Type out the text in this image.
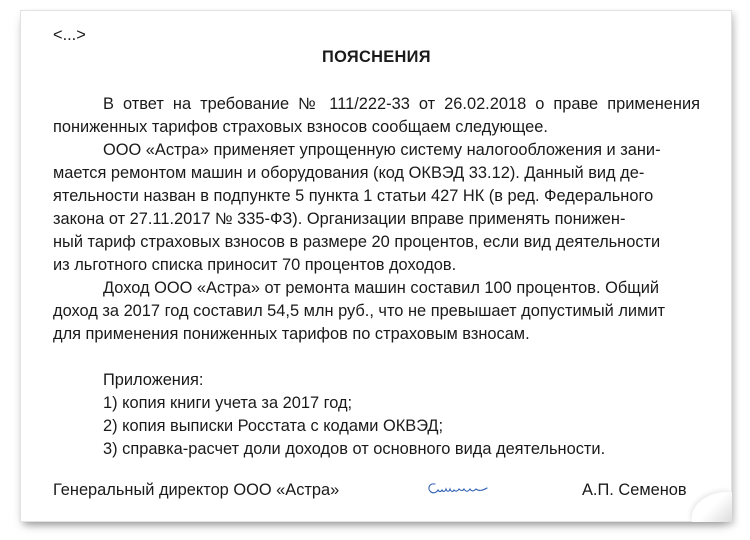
<...>
ПОЯСНЕНИЯ
В ответ на требование № 111/222-33 от 26.02.2018 о праве применения
пониженных тарифов страховых взносов сообщаем следующее.
ООО «Астра» применяет упрощенную систему налогообложения и зани-
мается ремонтом машин и оборудования (код ОКВЭД 33.12). Данный вид де-
ятельности назван в подпункте 5 пункта 1 статьи 427 НК (в ред. Федерального
закона от 27.11.2017 № 335-ФЗ). Организации вправе применять понижен-
ный тариф страховых взносов в размере 20 процентов, если вид деятельности
из льготного списка приносит 70 процентов доходов.
Доход ООО «Астра» от ремонта машин составил 100 процентов. Общий
доход за 2017 год составил 54,5 млн руб., что не превышает допустимый лимит
для применения пониженных тарифов по страховым взносам.
Приложения:
1) копия книги учета за 2017 год;
2) копия выписки Росстата с кодами ОКВЭД;
3) справка-расчет доли доходов от основного вида деятельности.
Генеральный директор ООО «Астра»	А.П. Семенов
